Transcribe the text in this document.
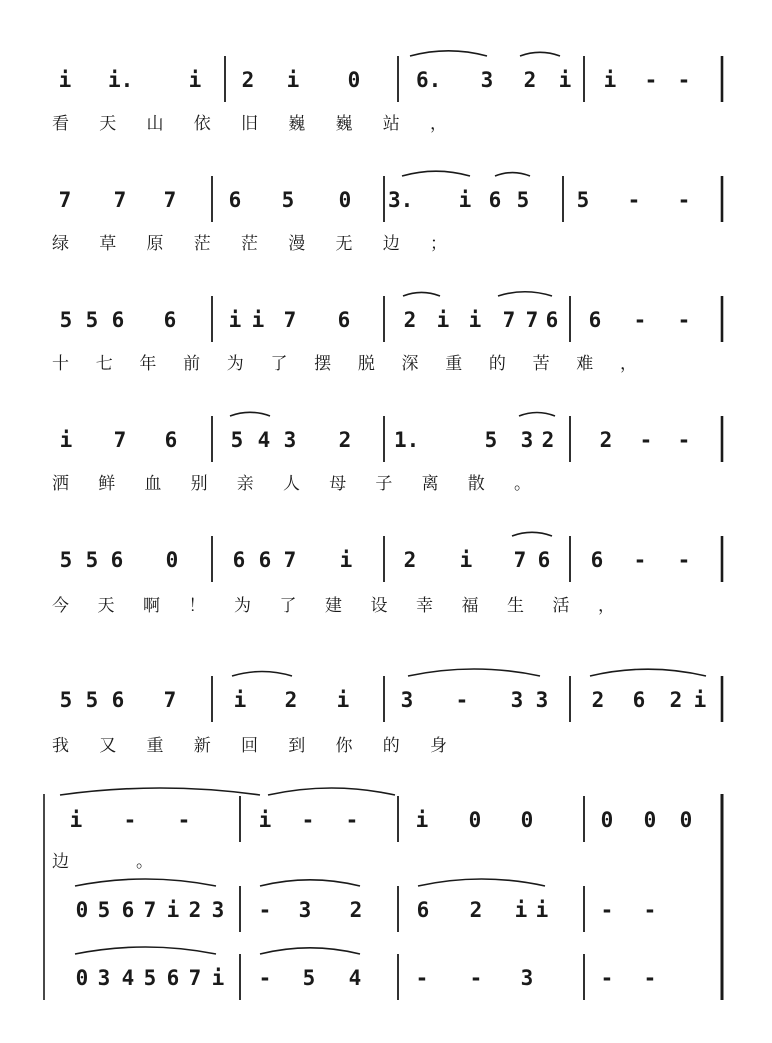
i i.	i 2 i 0	6. 3 2 i i - -
看 天 山 依 旧 巍 巍 站 ，
7 7 7 6 5 0 3. i 6 5 5 - -
绿 草 原 茫 茫 漫 无 边 ；
5 5 6 6 i i 7 6	2 i i 7 7 6 6 - -
十 七 年 前 为 了 摆 脱 深 重 的 苦 难 ，
i 7 6	5 4 3 2 1.	5 3 2 2 - -
洒 鲜 血 别 亲 人 母 子 离 散 。
5 5 6 0	6 6 7 i 2 i 7 6 6 - -
今 天 啊 ！ 为 了 建 设 幸 福 生 活 ，
5 5 6 7	i 2 i 3 - 3 3 2 6 2 i
我 又 重 新 回 到 你 的 身
i - -	i - -	i 0 0	0 0 0
边	。
0 5 6 7 i 2 3 - 3 2	6 2 i i - -
0 3 4 5 6 7 i - 5 4	- - 3	- -
